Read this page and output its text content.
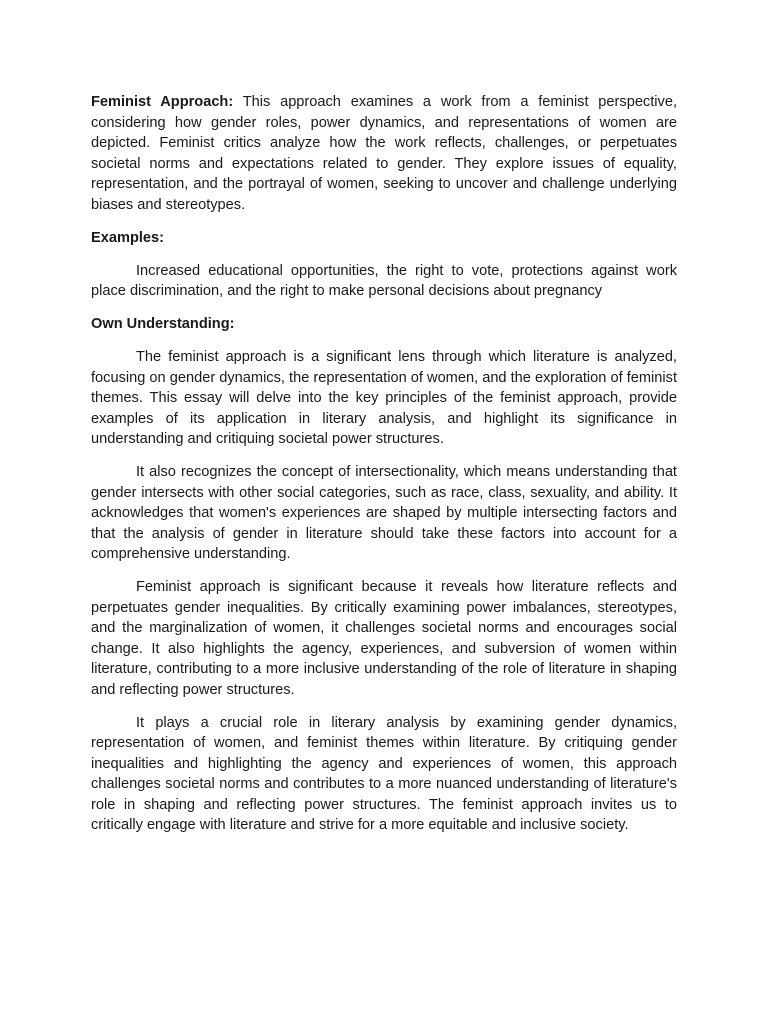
Feminist Approach: This approach examines a work from a feminist perspective, considering how gender roles, power dynamics, and representations of women are depicted. Feminist critics analyze how the work reflects, challenges, or perpetuates societal norms and expectations related to gender. They explore issues of equality, representation, and the portrayal of women, seeking to uncover and challenge underlying biases and stereotypes.

Examples:

Increased educational opportunities, the right to vote, protections against work place discrimination, and the right to make personal decisions about pregnancy

Own Understanding:

The feminist approach is a significant lens through which literature is analyzed, focusing on gender dynamics, the representation of women, and the exploration of feminist themes. This essay will delve into the key principles of the feminist approach, provide examples of its application in literary analysis, and highlight its significance in understanding and critiquing societal power structures.

It also recognizes the concept of intersectionality, which means understanding that gender intersects with other social categories, such as race, class, sexuality, and ability. It acknowledges that women's experiences are shaped by multiple intersecting factors and that the analysis of gender in literature should take these factors into account for a comprehensive understanding.

Feminist approach is significant because it reveals how literature reflects and perpetuates gender inequalities. By critically examining power imbalances, stereotypes, and the marginalization of women, it challenges societal norms and encourages social change. It also highlights the agency, experiences, and subversion of women within literature, contributing to a more inclusive understanding of the role of literature in shaping and reflecting power structures.

It plays a crucial role in literary analysis by examining gender dynamics, representation of women, and feminist themes within literature. By critiquing gender inequalities and highlighting the agency and experiences of women, this approach challenges societal norms and contributes to a more nuanced understanding of literature's role in shaping and reflecting power structures. The feminist approach invites us to critically engage with literature and strive for a more equitable and inclusive society.
